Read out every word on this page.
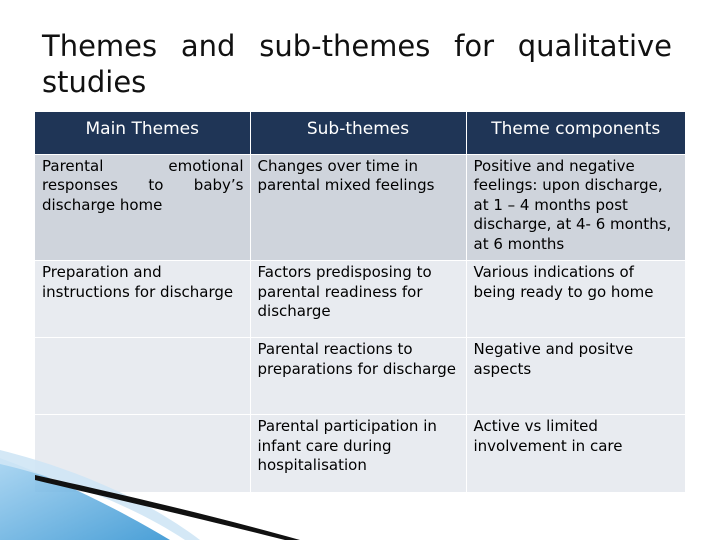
Themes and sub-themes for qualitative studies
Main Themes	Sub-themes	Theme components
Parental emotional responses to baby’s discharge home	Changes over time in parental mixed feelings	Positive and negative feelings: upon discharge, at 1 – 4 months post discharge, at 4- 6 months, at 6 months
Preparation and instructions for discharge	Factors predisposing to parental readiness for discharge	Various indications of being ready to go home
	Parental reactions to preparations for discharge	Negative and positve aspects
	Parental participation in infant care during hospitalisation	Active vs limited involvement in care
